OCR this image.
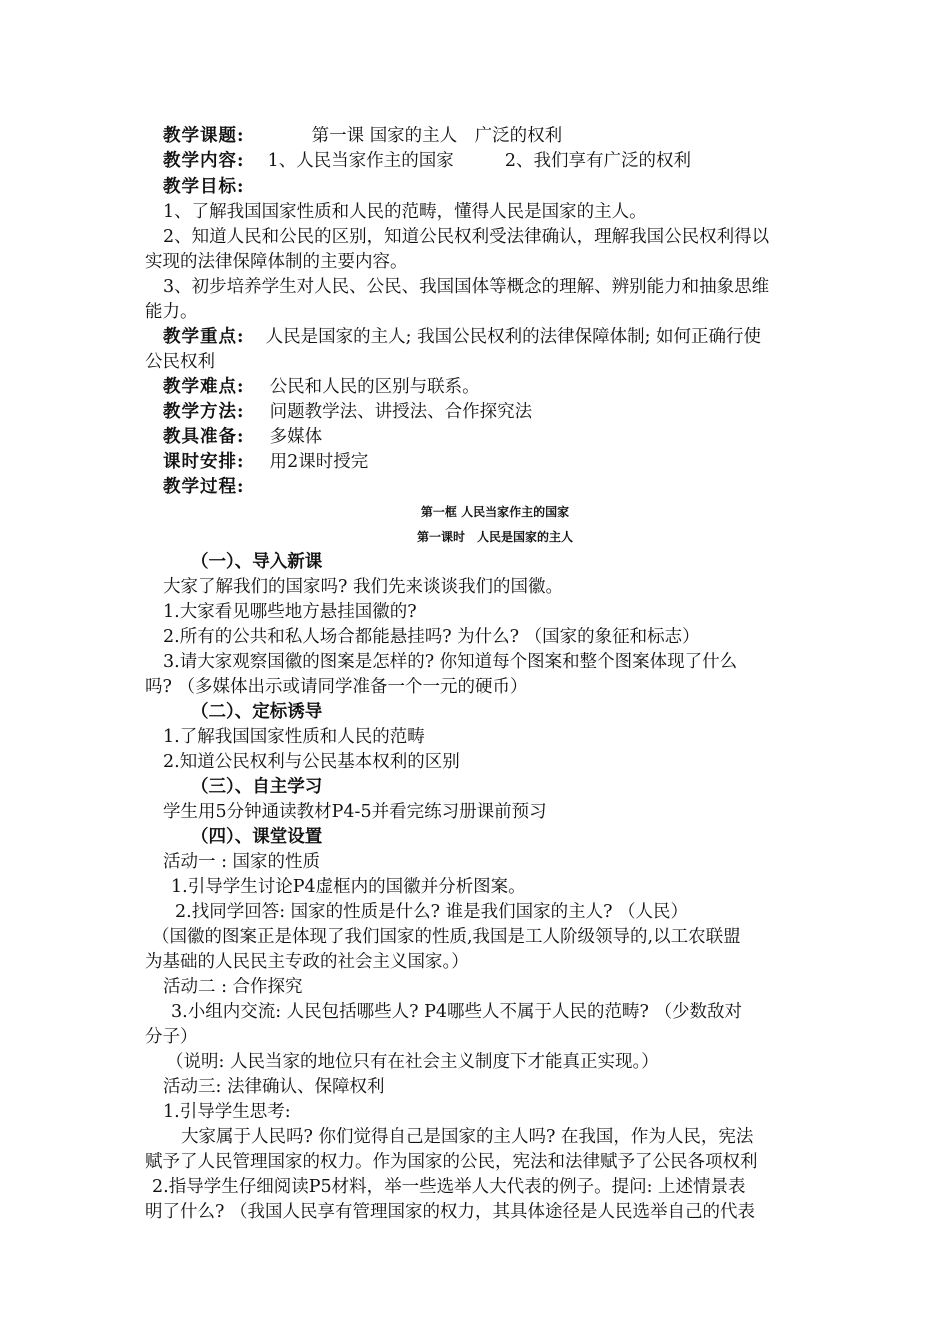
教学课题:	第一课 国家的主人　广泛的权利
教学内容: 1、人民当家作主的国家	2、我们享有广泛的权利
教学目标:
1、了解我国国家性质和人民的范畴，懂得人民是国家的主人。
2、知道人民和公民的区别，知道公民权利受法律确认，理解我国公民权利得以
实现的法律保障体制的主要内容。
3、初步培养学生对人民、公民、我国国体等概念的理解、辨别能力和抽象思维
能力。
教学重点: 人民是国家的主人; 我国公民权利的法律保障体制; 如何正确行使
公民权利
教学难点: 公民和人民的区别与联系。
教学方法: 问题教学法、讲授法、合作探究法
教具准备: 多媒体
课时安排: 用2课时授完
教学过程:
第一框 人民当家作主的国家
第一课时　人民是国家的主人
（一）、导入新课
大家了解我们的国家吗? 我们先来谈谈我们的国徽。
1.大家看见哪些地方悬挂国徽的?
2.所有的公共和私人场合都能悬挂吗? 为什么? （国家的象征和标志）
3.请大家观察国徽的图案是怎样的? 你知道每个图案和整个图案体现了什么
吗? （多媒体出示或请同学准备一个一元的硬币）
（二）、定标诱导
1.了解我国国家性质和人民的范畴
2.知道公民权利与公民基本权利的区别
（三）、自主学习
学生用5分钟通读教材P4-5并看完练习册课前预习
（四）、课堂设置
活动一 : 国家的性质
1.引导学生讨论P4虚框内的国徽并分析图案。
2.找同学回答: 国家的性质是什么? 谁是我们国家的主人? （人民）
（国徽的图案正是体现了我们国家的性质,我国是工人阶级领导的,以工农联盟
为基础的人民民主专政的社会主义国家。）
活动二 : 合作探究
3.小组内交流: 人民包括哪些人? P4哪些人不属于人民的范畴? （少数敌对
分子）
（说明: 人民当家的地位只有在社会主义制度下才能真正实现。）
活动三: 法律确认、保障权利
1.引导学生思考:
大家属于人民吗? 你们觉得自己是国家的主人吗? 在我国，作为人民，宪法
赋予了人民管理国家的权力。作为国家的公民，宪法和法律赋予了公民各项权利
2.指导学生仔细阅读P5材料，举一些选举人大代表的例子。提问: 上述情景表
明了什么? （我国人民享有管理国家的权力，其具体途径是人民选举自己的代表
